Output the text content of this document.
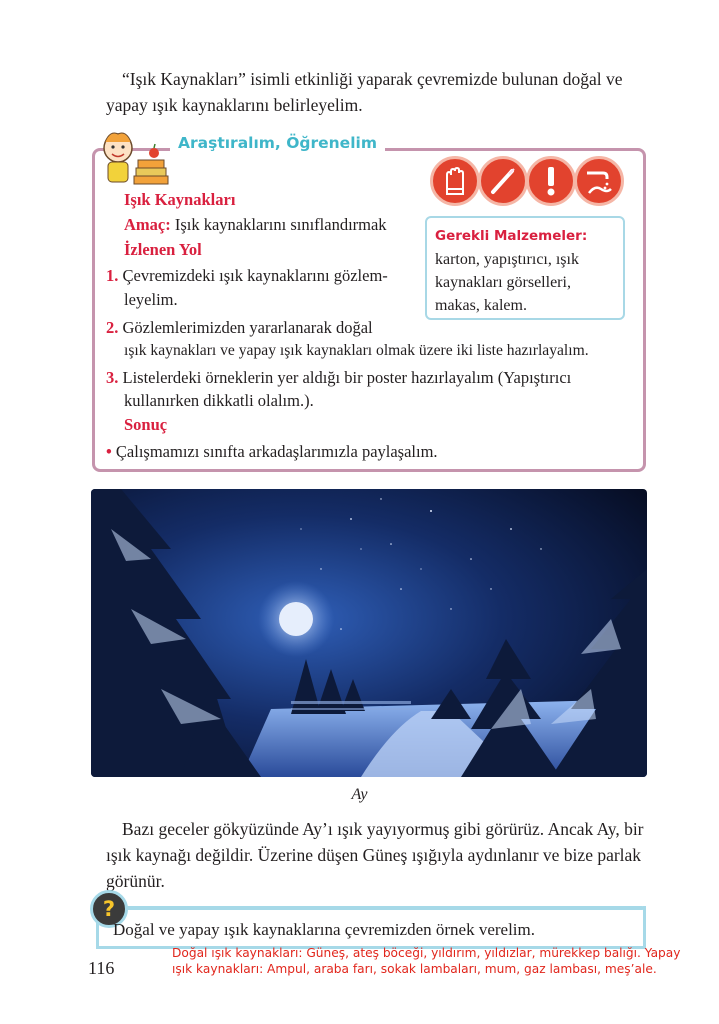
“Işık Kaynakları” isimli etkinliği yaparak çevremizde bulunan doğal ve yapay ışık kaynaklarını belirleyelim.
Araştıralım, Öğrenelim
Işık Kaynakları
Amaç: Işık kaynaklarını sınıflandırmak
İzlenen Yol
1. Çevremizdeki ışık kaynaklarını gözlem-
leyelim.
2. Gözlemlerimizden yararlanarak doğal
ışık kaynakları ve yapay ışık kaynakları olmak üzere iki liste hazırlayalım.
3. Listelerdeki örneklerin yer aldığı bir poster hazırlayalım (Yapıştırıcı
kullanırken dikkatli olalım.).
Sonuç
• Çalışmamızı sınıfta arkadaşlarımızla paylaşalım.
Gerekli Malzemeler: karton, yapıştırıcı, ışık kaynakları görselleri, makas, kalem.
Ay
Bazı geceler gökyüzünde Ay’ı ışık yayıyormuş gibi görürüz. Ancak Ay, bir ışık kaynağı değildir. Üzerine düşen Güneş ışığıyla aydınlanır ve bize parlak görünür.
?
Doğal ve yapay ışık kaynaklarına çevremizden örnek verelim.
Doğal ışık kaynakları: Güneş, ateş böceği, yıldırım, yıldızlar, mürekkep balığı. Yapay ışık kaynakları: Ampul, araba farı, sokak lambaları, mum, gaz lambası, meş’ale.
116
